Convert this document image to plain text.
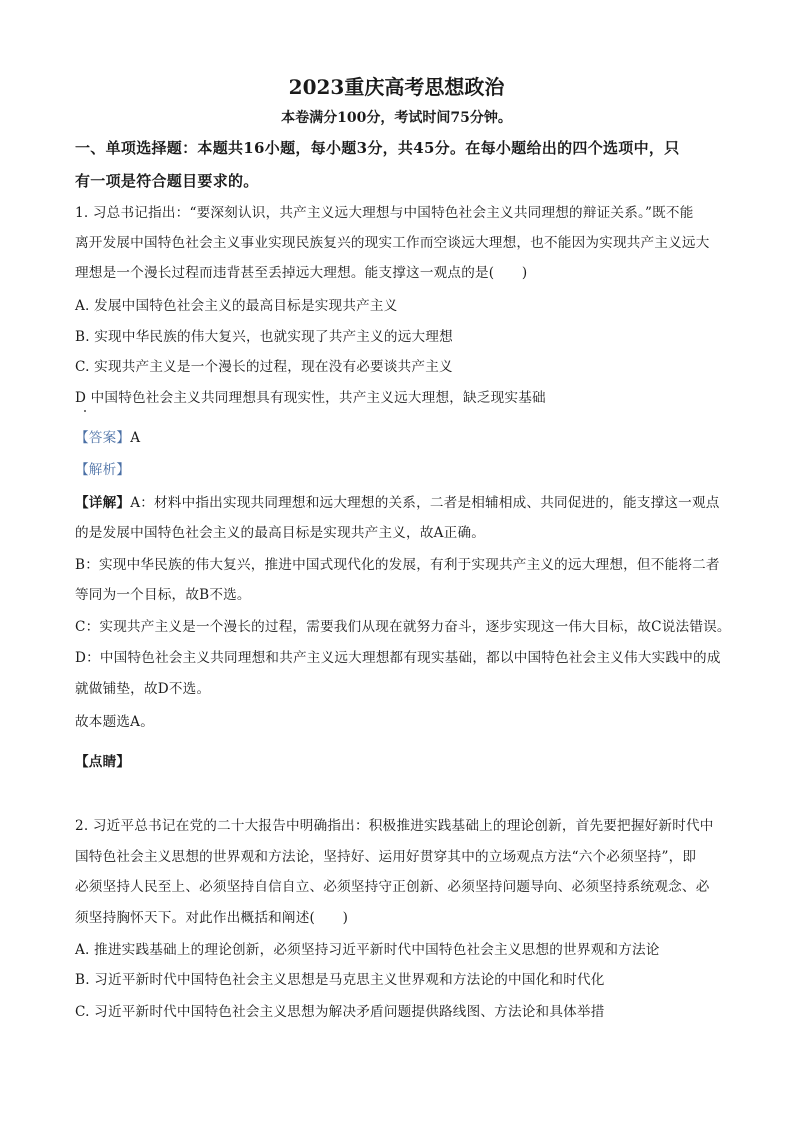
2023重庆高考思想政治
本卷满分100分，考试时间75分钟。
一、单项选择题：本题共16小题，每小题3分，共45分。在每小题给出的四个选项中，只
有一项是符合题目要求的。
1. 习总书记指出：“要深刻认识，共产主义远大理想与中国特色社会主义共同理想的辩证关系。”既不能
离开发展中国特色社会主义事业实现民族复兴的现实工作而空谈远大理想，也不能因为实现共产主义远大
理想是一个漫长过程而违背甚至丢掉远大理想。能支撑这一观点的是(　　)
A. 发展中国特色社会主义的最高目标是实现共产主义
B. 实现中华民族的伟大复兴，也就实现了共产主义的远大理想
C. 实现共产主义是一个漫长的过程，现在没有必要谈共产主义
D 中国特色社会主义共同理想具有现实性，共产主义远大理想，缺乏现实基础
【答案】A
【解析】
【详解】A：材料中指出实现共同理想和远大理想的关系，二者是相辅相成、共同促进的，能支撑这一观点
的是发展中国特色社会主义的最高目标是实现共产主义，故A正确。
B：实现中华民族的伟大复兴，推进中国式现代化的发展，有利于实现共产主义的远大理想，但不能将二者
等同为一个目标，故B不选。
C：实现共产主义是一个漫长的过程，需要我们从现在就努力奋斗，逐步实现这一伟大目标，故C说法错误。
D：中国特色社会主义共同理想和共产主义远大理想都有现实基础，都以中国特色社会主义伟大实践中的成
就做铺垫，故D不选。
故本题选A。
【点睛】
2. 习近平总书记在党的二十大报告中明确指出：积极推进实践基础上的理论创新，首先要把握好新时代中
国特色社会主义思想的世界观和方法论，坚持好、运用好贯穿其中的立场观点方法“六个必须坚持”，即
必须坚持人民至上、必须坚持自信自立、必须坚持守正创新、必须坚持问题导向、必须坚持系统观念、必
须坚持胸怀天下。对此作出概括和阐述(　　)
A. 推进实践基础上的理论创新，必须坚持习近平新时代中国特色社会主义思想的世界观和方法论
B. 习近平新时代中国特色社会主义思想是马克思主义世界观和方法论的中国化和时代化
C. 习近平新时代中国特色社会主义思想为解决矛盾问题提供路线图、方法论和具体举措
